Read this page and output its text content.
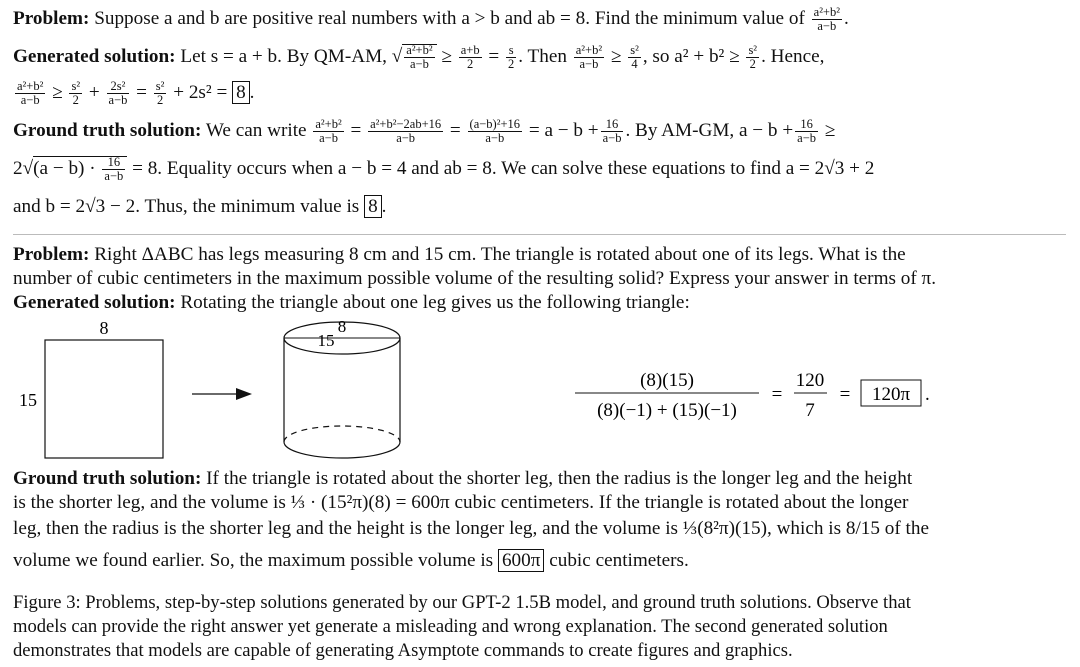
Problem: Suppose a and b are positive real numbers with a > b and ab = 8. Find the minimum value of $\frac{\text{a²+b²}}{a-b}$ .
Generated solution: Let s = a + b. By QM-AM, √ $\frac{\text{a²+b²}}{a-b} \ge \frac{a+b}{2} = \frac{s}{2}$ . Then $\frac{\text{a²+b²}}{a-b} \ge \frac{\text{s²}}{4}$ , so $a^2 + b^2 \ge \frac{\text{s²}}{2}$ . Hence,
$\frac{\text{a²+b²}}{a-b} \ge \frac{\text{s²}}{2} + \frac{\text{2s²}}{a-b} = \frac{\text{s²}}{2} + 2s^2 = 8$ .
Ground truth solution: We can write $\frac{\text{a²+b²}}{a-b} = \frac{\text{a²+b²−2ab+16}}{a-b} = \frac{\text{(a−b)²+16}}{a-b} = a - b + \frac{16}{a-b}$ . By AM-GM, $a - b + \frac{16}{a-b}$ ≥
$2√(a - b) \cdot \frac{16}{a-b} = 8$. Equality occurs when a − b = 4 and ab = 8. We can solve these equations to find a = 2√3 + 2
and b = 2√3 − 2. Thus, the minimum value is 8 .
Problem: Right ΔABC has legs measuring 8 cm and 15 cm. The triangle is rotated about one of its legs. What is the
number of cubic centimeters in the maximum possible volume of the resulting solid? Express your answer in terms of π.
Generated solution: Rotating the triangle about one leg gives us the following triangle:
8
15
15
8
(8)(15)
(8)(−1) + (15)(−1)
=
120
7
= 120π .
Ground truth solution: If the triangle is rotated about the shorter leg, then the radius is the longer leg and the height
is the shorter leg, and the volume is ⅓ · (15²π)(8) = 600π cubic centimeters. If the triangle is rotated about the longer
leg, then the radius is the shorter leg and the height is the longer leg, and the volume is ⅓(8²π)(15), which is 8/15 of the
volume we found earlier. So, the maximum possible volume is 600π cubic centimeters.
Figure 3: Problems, step-by-step solutions generated by our GPT-2 1.5B model, and ground truth solutions. Observe that
models can provide the right answer yet generate a misleading and wrong explanation. The second generated solution
demonstrates that models are capable of generating Asymptote commands to create figures and graphics.
